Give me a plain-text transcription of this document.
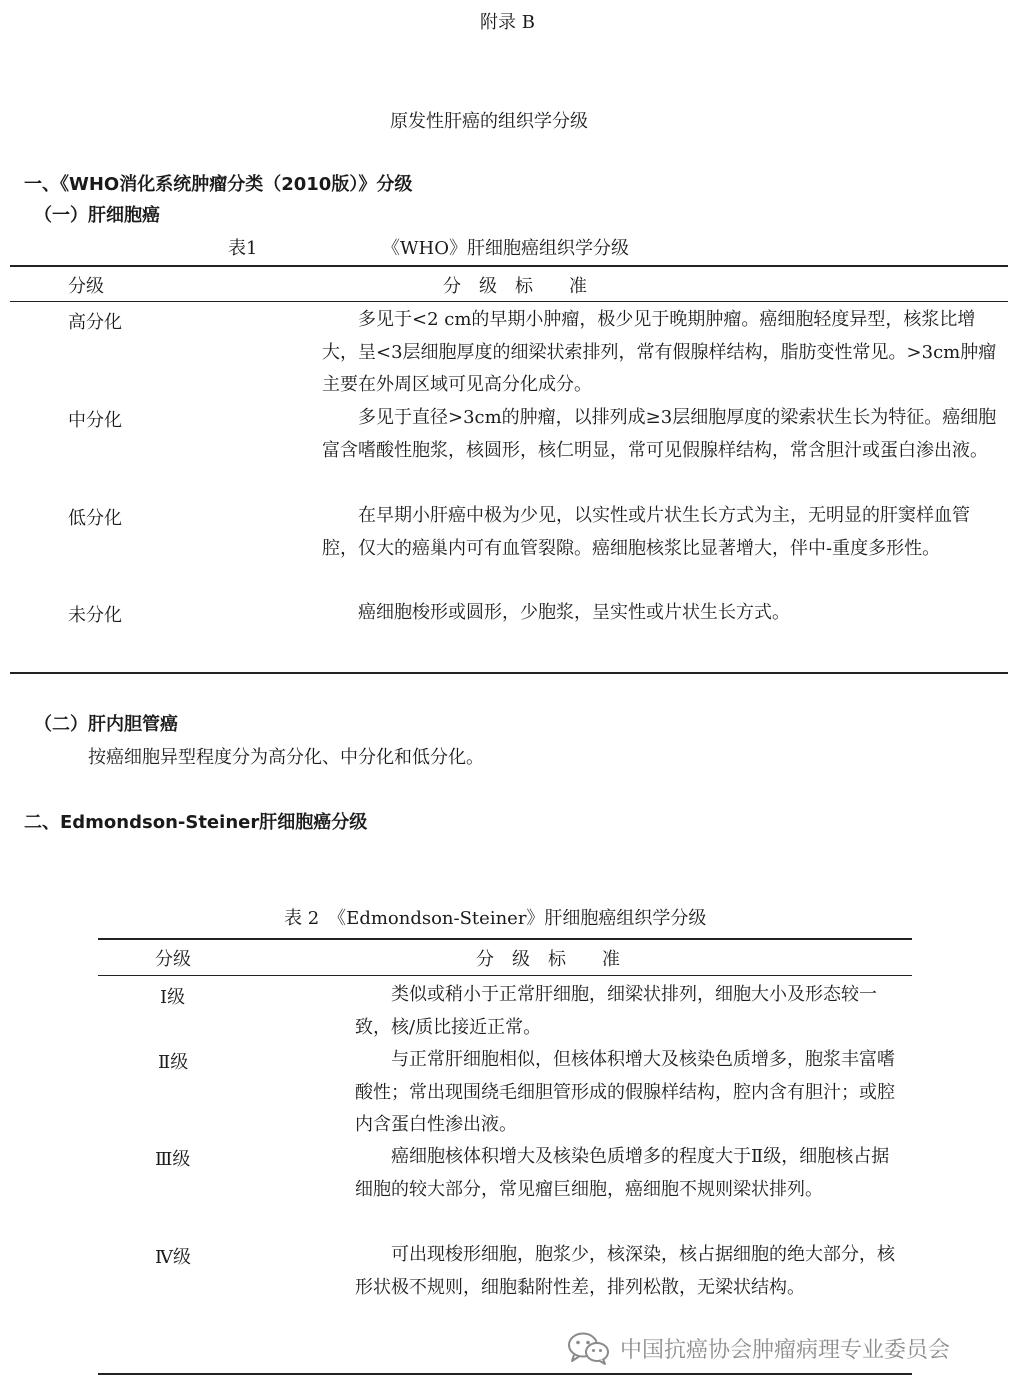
附录 B
原发性肝癌的组织学分级
一、《WHO消化系统肿瘤分类（2010版）》分级
（一）肝细胞癌
表1	《WHO》肝细胞癌组织学分级
分级	分　级　标　　准
高分化	多见于<2 cm的早期小肿瘤，极少见于晚期肿瘤。癌细胞轻度异型，核浆比增大，呈<3层细胞厚度的细梁状索排列，常有假腺样结构，脂肪变性常见。>3cm肿瘤主要在外周区域可见高分化成分。
中分化	多见于直径>3cm的肿瘤，以排列成≥3层细胞厚度的梁索状生长为特征。癌细胞富含嗜酸性胞浆，核圆形，核仁明显，常可见假腺样结构，常含胆汁或蛋白渗出液。
低分化	在早期小肝癌中极为少见，以实性或片状生长方式为主，无明显的肝窦样血管腔，仅大的癌巢内可有血管裂隙。癌细胞核浆比显著增大，伴中-重度多形性。
未分化	癌细胞梭形或圆形，少胞浆，呈实性或片状生长方式。
（二）肝内胆管癌
按癌细胞异型程度分为高分化、中分化和低分化。
二、Edmondson-Steiner肝细胞癌分级
表 2　《Edmondson-Steiner》肝细胞癌组织学分级
分级	分　级　标　　准
Ⅰ级	类似或稍小于正常肝细胞，细梁状排列，细胞大小及形态较一致，核/质比接近正常。
Ⅱ级	与正常肝细胞相似，但核体积增大及核染色质增多，胞浆丰富嗜酸性；常出现围绕毛细胆管形成的假腺样结构，腔内含有胆汁；或腔内含蛋白性渗出液。
Ⅲ级	癌细胞核体积增大及核染色质增多的程度大于Ⅱ级，细胞核占据细胞的较大部分，常见瘤巨细胞，癌细胞不规则梁状排列。
Ⅳ级	可出现梭形细胞，胞浆少，核深染，核占据细胞的绝大部分，核形状极不规则，细胞黏附性差，排列松散，无梁状结构。
中国抗癌协会肿瘤病理专业委员会
